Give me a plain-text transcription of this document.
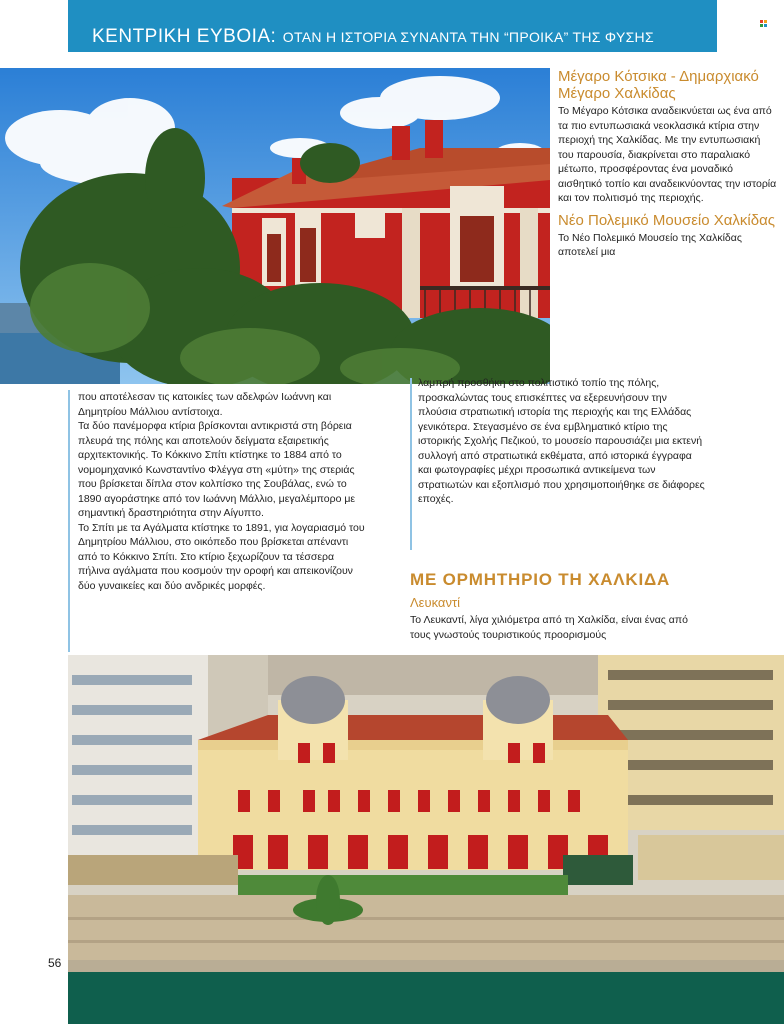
ΚΕΝΤΡΙΚΗ ΕΥΒΟΙΑ: ΟΤΑΝ Η ΙΣΤΟΡΙΑ ΣΥΝΑΝΤΑ ΤΗΝ “ΠΡΟΙΚΑ” ΤΗΣ ΦΥΣΗΣ
Μέγαρο Κότσικα - Δημαρχιακό Μέγαρο Χαλκίδας

Το Μέγαρο Κότσικα αναδεικνύεται ως ένα από τα πιο εντυπωσιακά νεοκλασικά κτίρια στην περιοχή της Χαλκίδας. Με την εντυπωσιακή του παρουσία, διακρίνεται στο παραλιακό μέτωπο, προσφέροντας ένα μοναδικό αισθητικό τοπίο και αναδεικνύοντας την ιστορία και τον πολιτισμό της περιοχής.

Νέο Πολεμικό Μουσείο Χαλκίδας

Το Νέο Πολεμικό Μουσείο της Χαλκίδας αποτελεί μια

που αποτέλεσαν τις κατοικίες των αδελφών Ιωάννη και Δημητρίου Μάλλιου αντίστοιχα.

Τα δύο πανέμορφα κτίρια βρίσκονται αντικριστά στη βόρεια πλευρά της πόλης και αποτελούν δείγματα εξαιρετικής αρχιτεκτονικής. Το Κόκκινο Σπίτι κτίστηκε το 1884 από το νομομηχανικό Κωνσταντίνο Φλέγγα στη «μύτη» της στεριάς που βρίσκεται δίπλα στον κολπίσκο της Σουβάλας, ενώ το 1890 αγοράστηκε από τον Ιωάννη Μάλλιο, μεγαλέμπορο με σημαντική δραστηριότητα στην Αίγυπτο.

Το Σπίτι με τα Αγάλματα κτίστηκε το 1891, για λογαριασμό του Δημητρίου Μάλλιου, στο οικόπεδο που βρίσκεται απέναντι από το Κόκκινο Σπίτι. Στο κτίριο ξεχωρίζουν τα τέσσερα πήλινα αγάλματα που κοσμούν την οροφή και απεικονίζουν δύο γυναικείες και δύο ανδρικές μορφές.

λαμπρή προσθήκη στο πολιτιστικό τοπίο της πόλης, προσκαλώντας τους επισκέπτες να εξερευνήσουν την πλούσια στρατιωτική ιστορία της περιοχής και της Ελλάδας γενικότερα. Στεγασμένο σε ένα εμβληματικό κτίριο της ιστορικής Σχολής Πεζικού, το μουσείο παρουσιάζει μια εκτενή συλλογή από στρατιωτικά εκθέματα, από ιστορικά έγγραφα και φωτογραφίες μέχρι προσωπικά αντικείμενα των στρατιωτών και εξοπλισμό που χρησιμοποιήθηκε σε διάφορες εποχές.

ΜΕ ΟΡΜΗΤΗΡΙΟ ΤΗ ΧΑΛΚΙΔΑ
Λευκαντί

Το Λευκαντί, λίγα χιλιόμετρα από τη Χαλκίδα, είναι ένας από τους γνωστούς τουριστικούς προορισμούς

56
